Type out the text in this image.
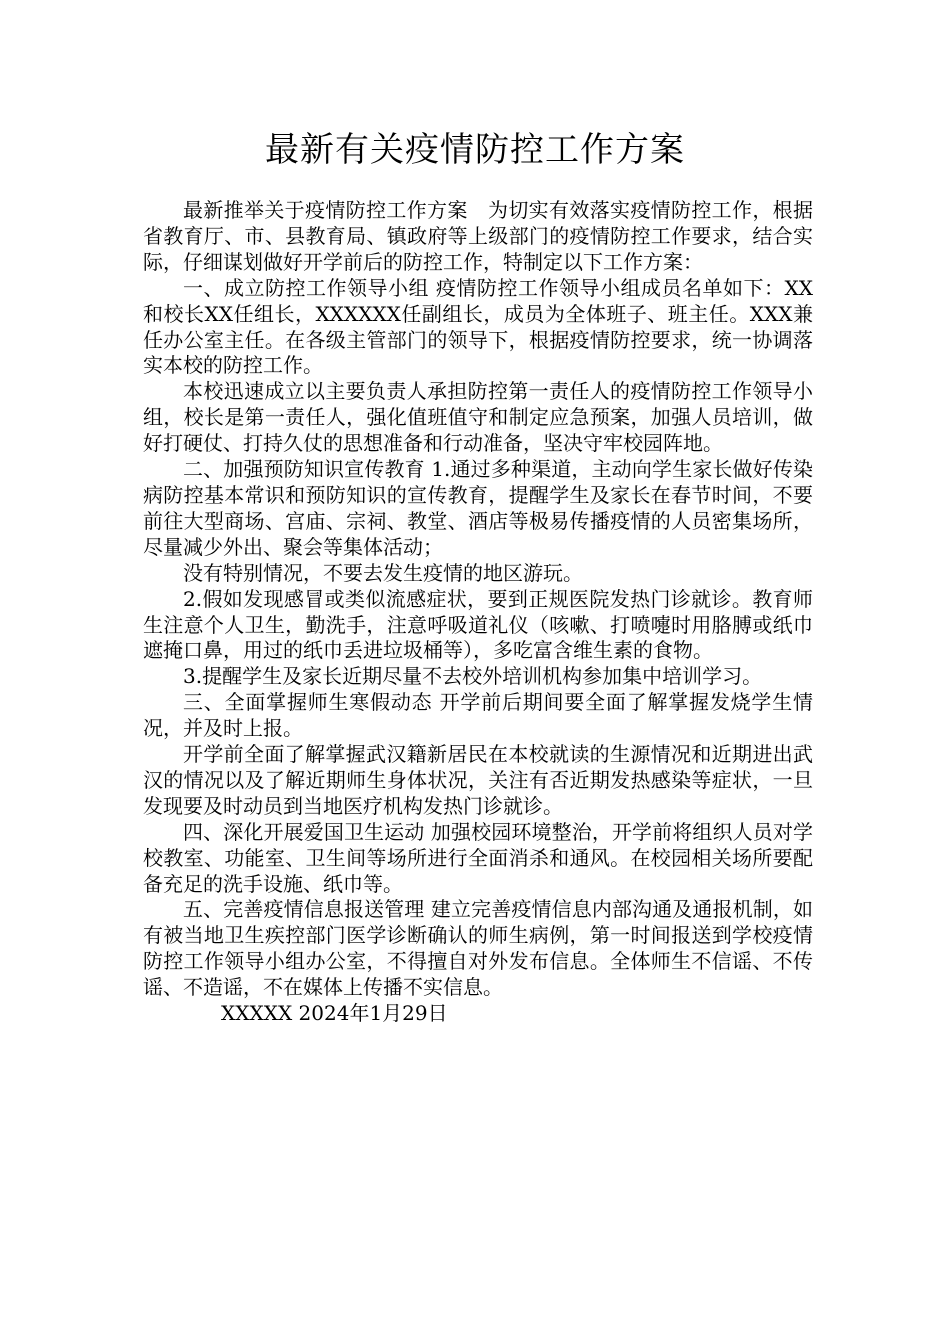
最新有关疫情防控工作方案

最新推举关于疫情防控工作方案　为切实有效落实疫情防控工作，根据省教育厅、市、县教育局、镇政府等上级部门的疫情防控工作要求，结合实际，仔细谋划做好开学前后的防控工作，特制定以下工作方案：

一、成立防控工作领导小组 疫情防控工作领导小组成员名单如下：XX和校长XX任组长，XXXXXX任副组长，成员为全体班子、班主任。XXX兼任办公室主任。在各级主管部门的领导下，根据疫情防控要求，统一协调落实本校的防控工作。

本校迅速成立以主要负责人承担防控第一责任人的疫情防控工作领导小组，校长是第一责任人，强化值班值守和制定应急预案，加强人员培训，做好打硬仗、打持久仗的思想准备和行动准备，坚决守牢校园阵地。

二、加强预防知识宣传教育 1.通过多种渠道，主动向学生家长做好传染病防控基本常识和预防知识的宣传教育，提醒学生及家长在春节时间，不要前往大型商场、宫庙、宗祠、教堂、酒店等极易传播疫情的人员密集场所，尽量减少外出、聚会等集体活动；

没有特别情况，不要去发生疫情的地区游玩。

2.假如发现感冒或类似流感症状，要到正规医院发热门诊就诊。教育师生注意个人卫生，勤洗手，注意呼吸道礼仪（咳嗽、打喷嚏时用胳膊或纸巾遮掩口鼻，用过的纸巾丢进垃圾桶等），多吃富含维生素的食物。

3.提醒学生及家长近期尽量不去校外培训机构参加集中培训学习。

三、全面掌握师生寒假动态 开学前后期间要全面了解掌握发烧学生情况，并及时上报。

开学前全面了解掌握武汉籍新居民在本校就读的生源情况和近期进出武汉的情况以及了解近期师生身体状况，关注有否近期发热感染等症状，一旦发现要及时动员到当地医疗机构发热门诊就诊。

四、深化开展爱国卫生运动 加强校园环境整治，开学前将组织人员对学校教室、功能室、卫生间等场所进行全面消杀和通风。在校园相关场所要配备充足的洗手设施、纸巾等。

五、完善疫情信息报送管理 建立完善疫情信息内部沟通及通报机制，如有被当地卫生疾控部门医学诊断确认的师生病例，第一时间报送到学校疫情防控工作领导小组办公室，不得擅自对外发布信息。全体师生不信谣、不传谣、不造谣，不在媒体上传播不实信息。

XXXXX 2024年1月29日
